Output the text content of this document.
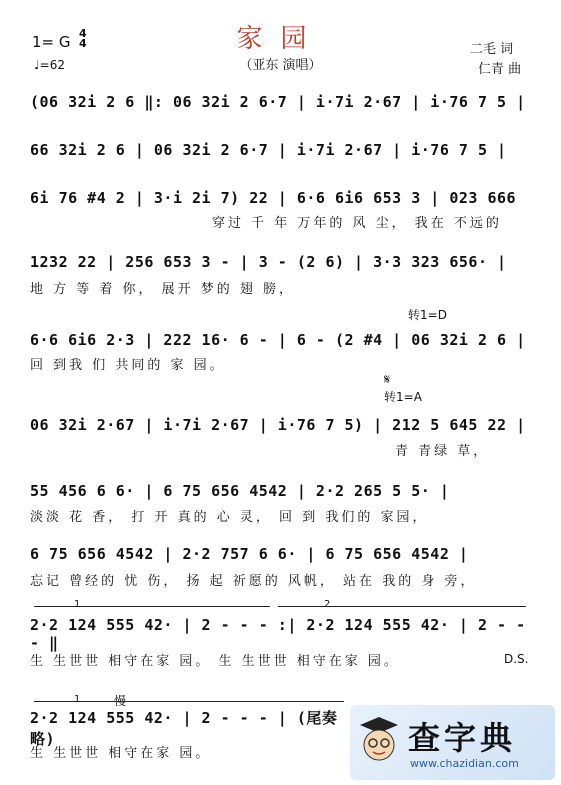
家园
（亚东 演唱）
1= G 4
4
♩=62
二毛 词
仁青 曲
(06 32i 2 6 ‖: 06 32i 2 6·7 | i·7i 2·67 | i·76 7 5 |
66 32i 2 6 | 06 32i 2 6·7 | i·7i 2·67 | i·76 7 5 |
6i 76 #4 2 | 3·i 2i 7) 22 | 6·6 6i6 653 3 | 023 666
穿过 千 年 万年的 风 尘， 我在 不远的
1232 22 | 256 653 3 - | 3 - (2 6) | 3·3 323 656· |
地 方 等 着 你， 展开 梦的 翅 膀，
转1=D
6·6 6i6 2·3 | 222 16· 6 - | 6 - (2 #4 | 06 32i 2 6 |
回 到我 们 共同的 家 园。
𝄋
转1=A
06 32i 2·67 | i·7i 2·67 | i·76 7 5) | 212 5 645 22 |
青 青绿 草，
55 456 6 6· | 6 75 656 4542 | 2·2 265 5 5· |
淡淡 花 香， 打 开 真的 心 灵， 回 到 我们的 家园，
6 75 656 4542 | 2·2 757 6 6· | 6 75 656 4542 |
忘记 曾经的 忧 伤， 扬 起 祈愿的 风帆， 站在 我的 身 旁，
1	2
2·2 124 555 42· | 2 - - - :| 2·2 124 555 42· | 2 - - - ‖
生 生世世 相守在家 园。 生 生世世 相守在家 园。	D.S.
1	慢
2·2 124 555 42· | 2 - - - | (尾奏略)
生 生世世 相守在家 园。	查字典
www.chazidian.com
